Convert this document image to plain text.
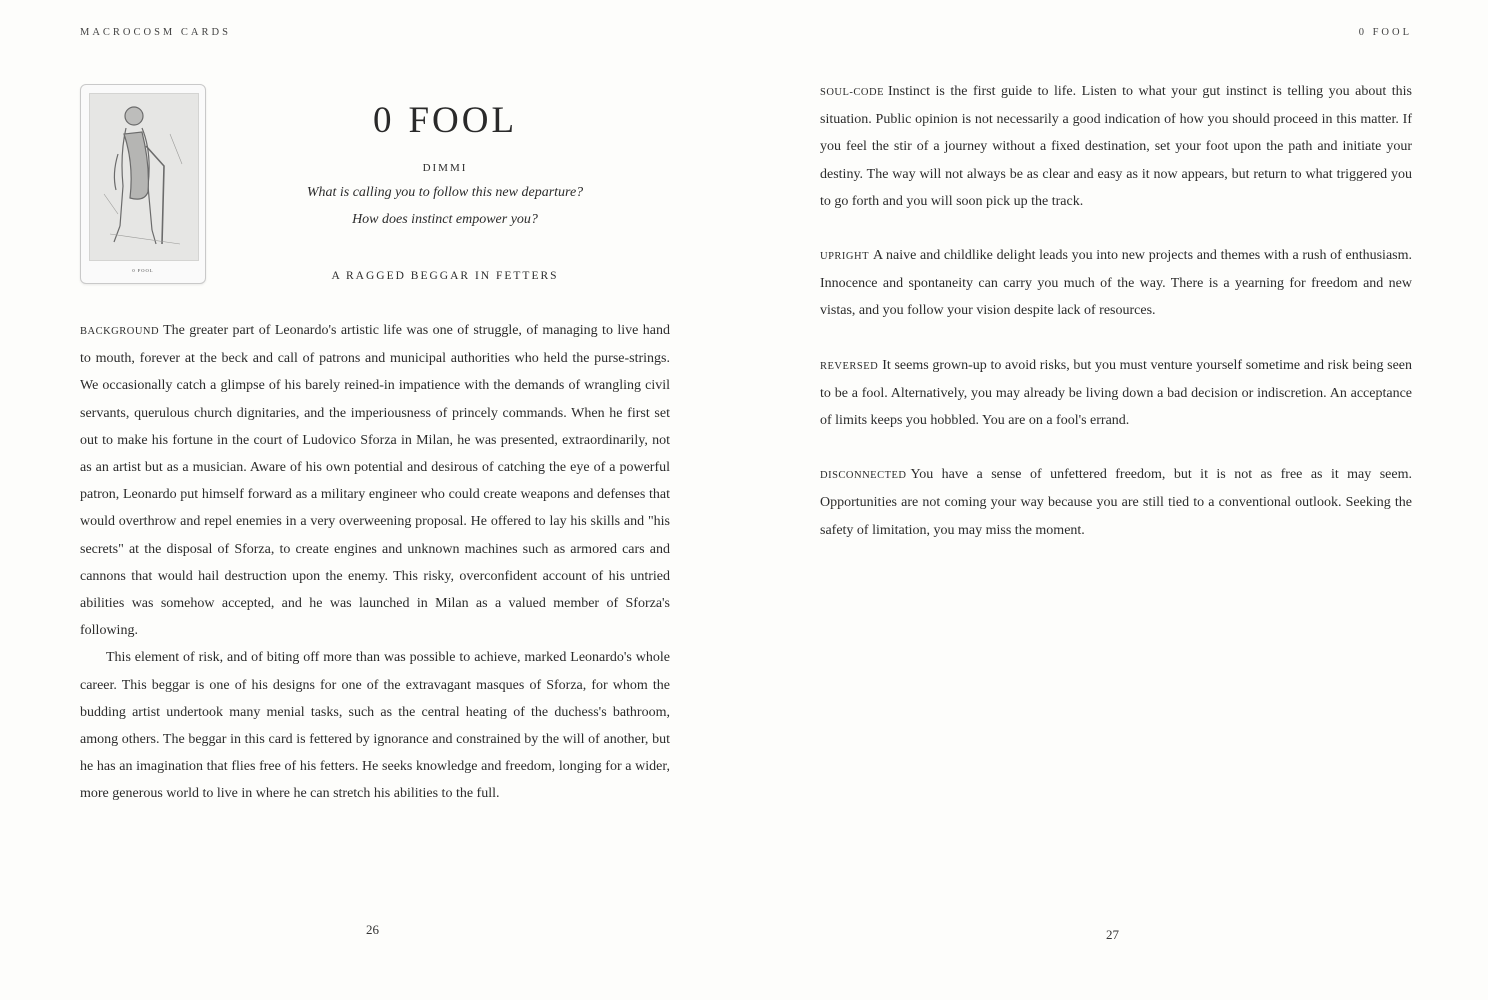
MACROCOSM CARDS
0 FOOL
0 FOOL
DIMMI
What is calling you to follow this new departure?
How does instinct empower you?
A RAGGED BEGGAR IN FETTERS

BACKGROUND The greater part of Leonardo's artistic life was one of struggle, of managing to live hand to mouth, forever at the beck and call of patrons and municipal authorities who held the purse-strings. We occasionally catch a glimpse of his barely reined-in impatience with the demands of wrangling civil servants, querulous church dignitaries, and the imperiousness of princely commands. When he first set out to make his fortune in the court of Ludovico Sforza in Milan, he was presented, extraordinarily, not as an artist but as a musician. Aware of his own potential and desirous of catching the eye of a powerful patron, Leonardo put himself forward as a military engineer who could create weapons and defenses that would overthrow and repel enemies in a very overweening proposal. He offered to lay his skills and "his secrets" at the disposal of Sforza, to create engines and unknown machines such as armored cars and cannons that would hail destruction upon the enemy. This risky, overconfident account of his untried abilities was somehow accepted, and he was launched in Milan as a valued member of Sforza's following.

This element of risk, and of biting off more than was possible to achieve, marked Leonardo's whole career. This beggar is one of his designs for one of the extravagant masques of Sforza, for whom the budding artist undertook many menial tasks, such as the central heating of the duchess's bathroom, among others. The beggar in this card is fettered by ignorance and constrained by the will of another, but he has an imagination that flies free of his fetters. He seeks knowledge and freedom, longing for a wider, more generous world to live in where he can stretch his abilities to the full.

26
0 FOOL

SOUL-CODE Instinct is the first guide to life. Listen to what your gut instinct is telling you about this situation. Public opinion is not necessarily a good indication of how you should proceed in this matter. If you feel the stir of a journey without a fixed destination, set your foot upon the path and initiate your destiny. The way will not always be as clear and easy as it now appears, but return to what triggered you to go forth and you will soon pick up the track.

UPRIGHT A naive and childlike delight leads you into new projects and themes with a rush of enthusiasm. Innocence and spontaneity can carry you much of the way. There is a yearning for freedom and new vistas, and you follow your vision despite lack of resources.

REVERSED It seems grown-up to avoid risks, but you must venture yourself sometime and risk being seen to be a fool. Alternatively, you may already be living down a bad decision or indiscretion. An acceptance of limits keeps you hobbled. You are on a fool's errand.

DISCONNECTED You have a sense of unfettered freedom, but it is not as free as it may seem. Opportunities are not coming your way because you are still tied to a conventional outlook. Seeking the safety of limitation, you may miss the moment.

27
